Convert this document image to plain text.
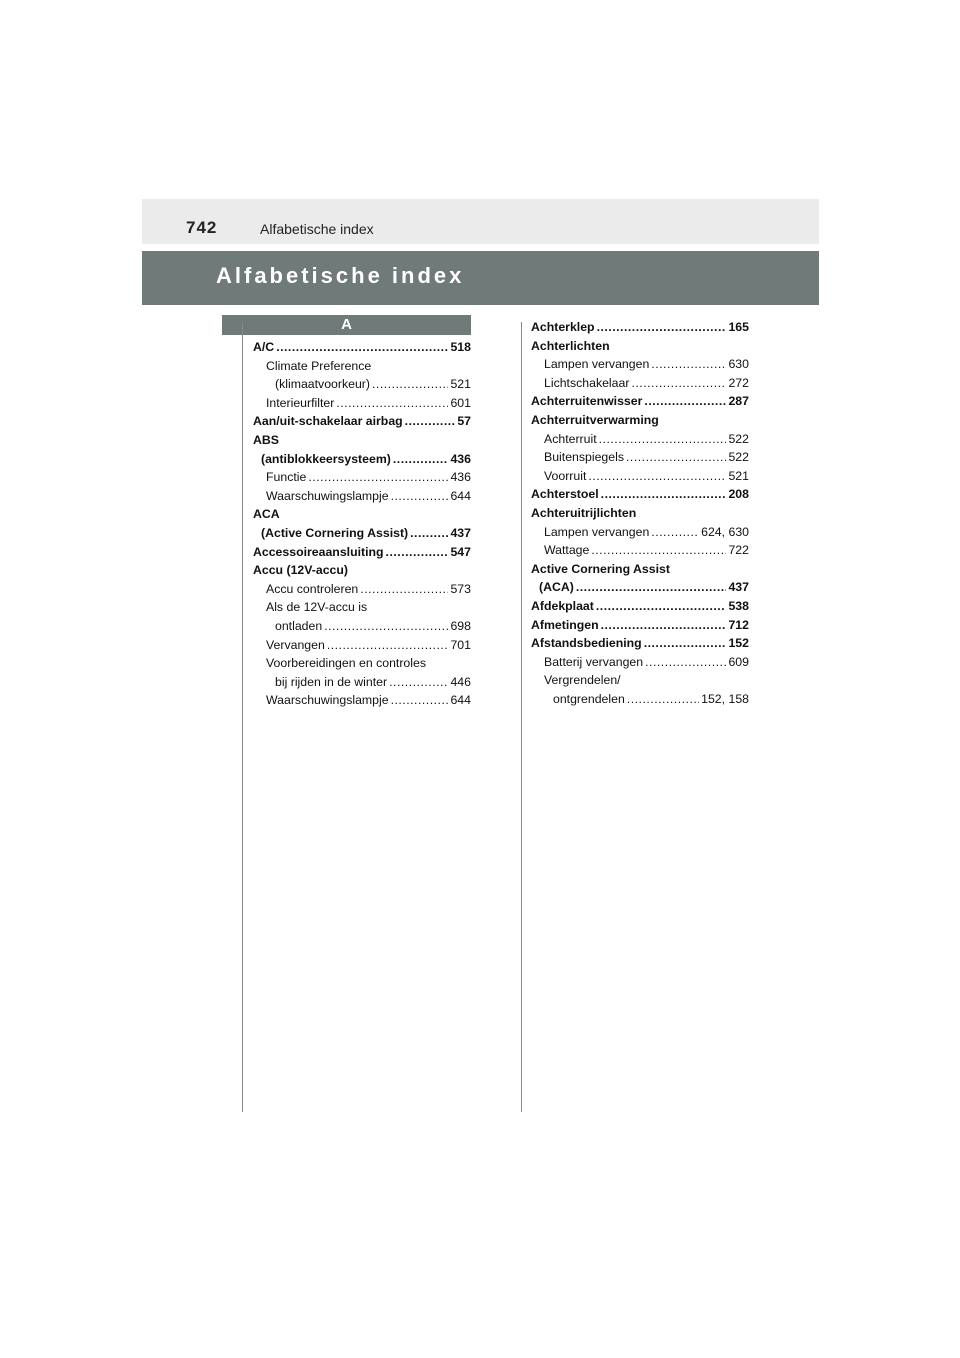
742	Alfabetische index
Alfabetische index
A
A/C .....	518
Climate Preference
(klimaatvoorkeur) .....	521
Interieurfilter .....	601
Aan/uit-schakelaar airbag .....	57
ABS
(antiblokkeersysteem) .....	436
Functie .....	436
Waarschuwingslampje .....	644
ACA
(Active Cornering Assist) .....	437
Accessoireaansluiting .....	547
Accu (12V-accu)
Accu controleren .....	573
Als de 12V-accu is
ontladen .....	698
Vervangen .....	701
Voorbereidingen en controles
bij rijden in de winter .....	446
Waarschuwingslampje .....	644
Achterklep .....	165
Achterlichten
Lampen vervangen .....	630
Lichtschakelaar .....	272
Achterruitenwisser .....	287
Achterruitverwarming
Achterruit .....	522
Buitenspiegels .....	522
Voorruit .....	521
Achterstoel .....	208
Achteruitrijlichten
Lampen vervangen .....	624, 630
Wattage .....	722
Active Cornering Assist
(ACA) .....	437
Afdekplaat .....	538
Afmetingen .....	712
Afstandsbediening .....	152
Batterij vervangen .....	609
Vergrendelen/
ontgrendelen .....	152, 158
